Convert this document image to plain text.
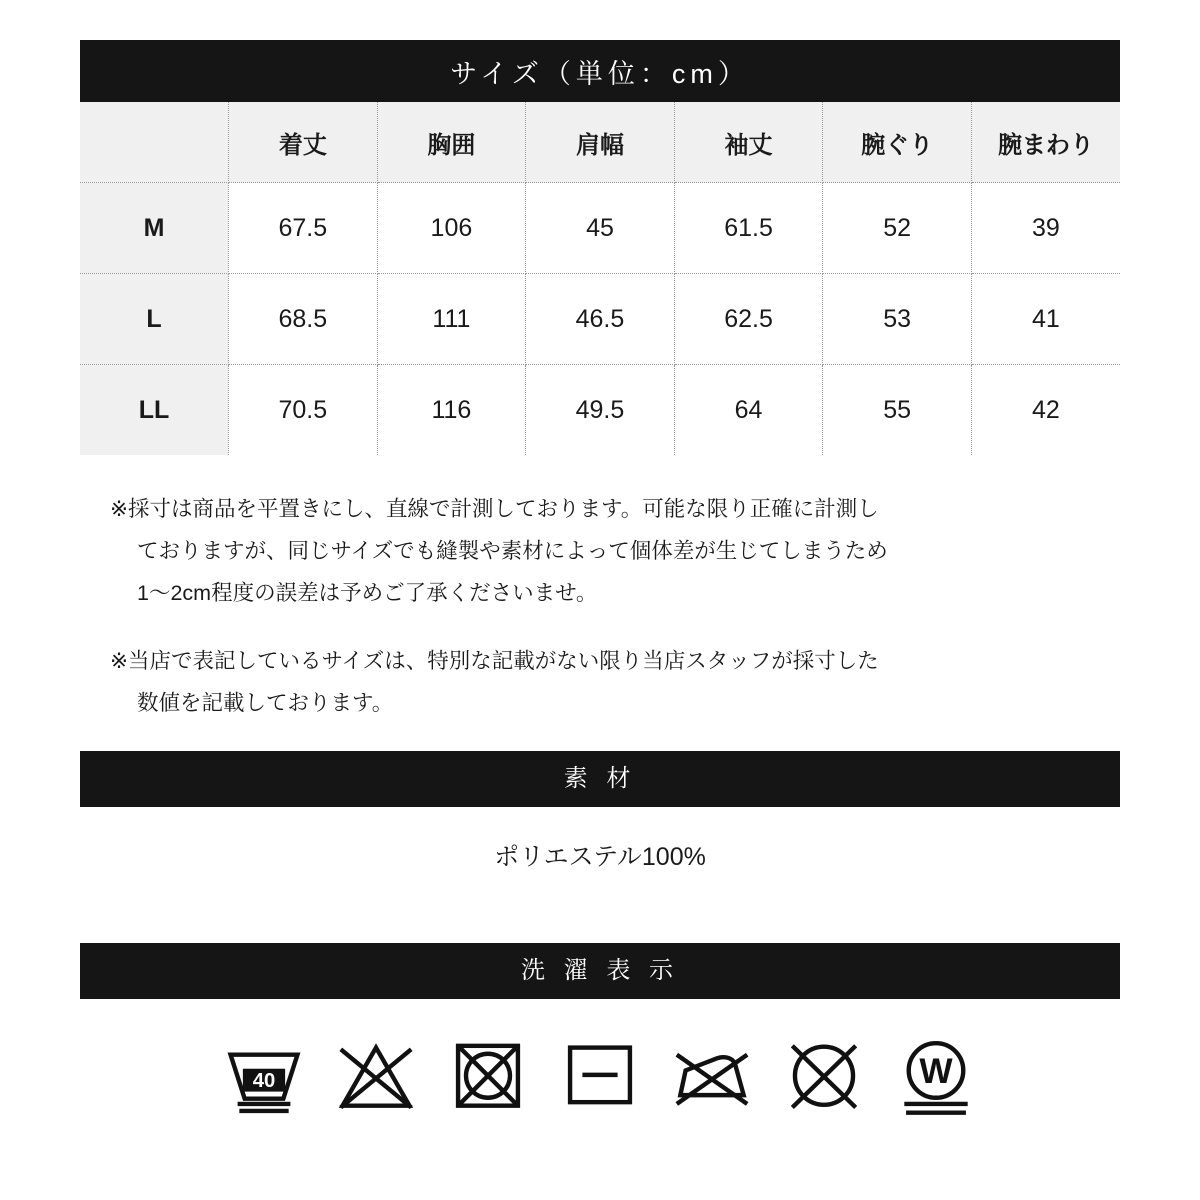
サイズ（単位：cm）						
	着丈	胸囲	肩幅	袖丈	腕ぐり	腕まわり
M	67.5	106	45	61.5	52	39
L	68.5	111	46.5	62.5	53	41
LL	70.5	116	49.5	64	55	42
※採寸は商品を平置きにし、直線で計測しております。可能な限り正確に計測し
ておりますが、同じサイズでも縫製や素材によって個体差が生じてしまうため
1〜2cm程度の誤差は予めご了承くださいませ。
※当店で表記しているサイズは、特別な記載がない限り当店スタッフが採寸した
数値を記載しております。
素 材
ポリエステル100%
洗 濯 表 示
40	W
